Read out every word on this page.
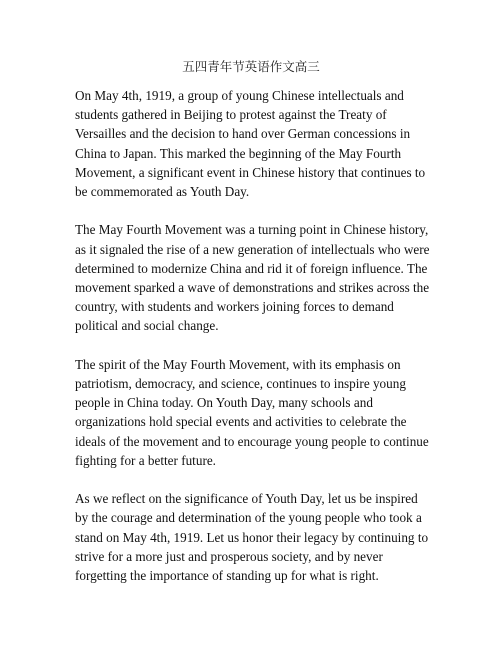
五四青年节英语作文高三

On May 4th, 1919, a group of young Chinese intellectuals and students gathered in Beijing to protest against the Treaty of Versailles and the decision to hand over German concessions in China to Japan. This marked the beginning of the May Fourth Movement, a significant event in Chinese history that continues to be commemorated as Youth Day.

The May Fourth Movement was a turning point in Chinese history, as it signaled the rise of a new generation of intellectuals who were determined to modernize China and rid it of foreign influence. The movement sparked a wave of demonstrations and strikes across the country, with students and workers joining forces to demand political and social change.

The spirit of the May Fourth Movement, with its emphasis on patriotism, democracy, and science, continues to inspire young people in China today. On Youth Day, many schools and organizations hold special events and activities to celebrate the ideals of the movement and to encourage young people to continue fighting for a better future.

As we reflect on the significance of Youth Day, let us be inspired by the courage and determination of the young people who took a stand on May 4th, 1919. Let us honor their legacy by continuing to strive for a more just and prosperous society, and by never forgetting the importance of standing up for what is right.
